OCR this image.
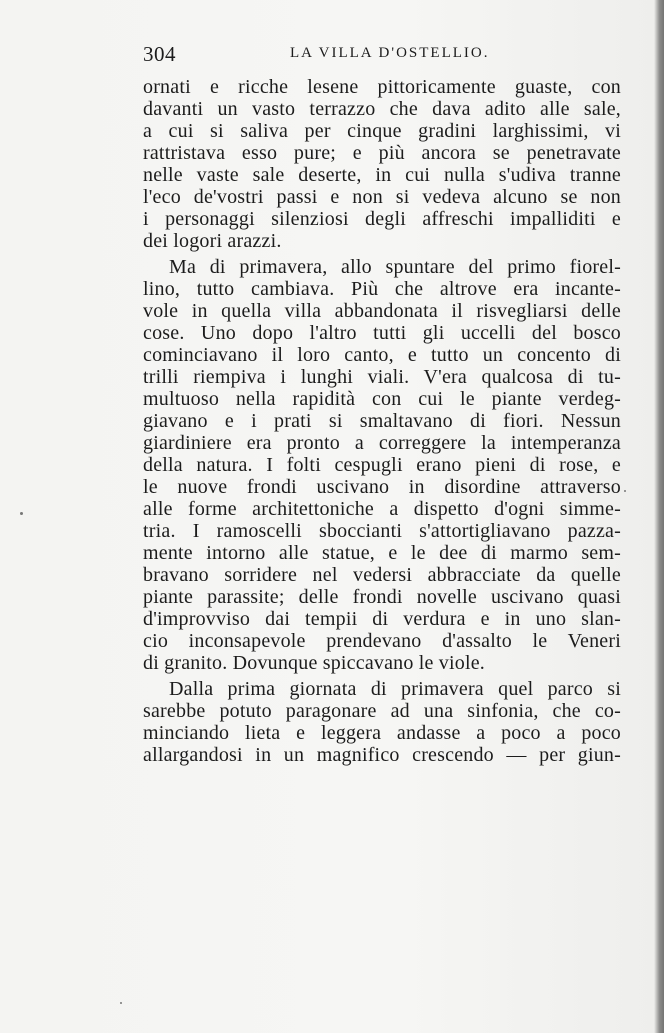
304	LA VILLA D'OSTELLIO.
ornati e ricche lesene pittoricamente guaste, con
davanti un vasto terrazzo che dava adito alle sale,
a cui si saliva per cinque gradini larghissimi, vi
rattristava esso pure; e più ancora se penetravate
nelle vaste sale deserte, in cui nulla s'udiva tranne
l'eco de'vostri passi e non si vedeva alcuno se non
i personaggi silenziosi degli affreschi impalliditi e
dei logori arazzi.
Ma di primavera, allo spuntare del primo fiorel-
lino, tutto cambiava. Più che altrove era incante-
vole in quella villa abbandonata il risvegliarsi delle
cose. Uno dopo l'altro tutti gli uccelli del bosco
cominciavano il loro canto, e tutto un concento di
trilli riempiva i lunghi viali. V'era qualcosa di tu-
multuoso nella rapidità con cui le piante verdeg-
giavano e i prati si smaltavano di fiori. Nessun
giardiniere era pronto a correggere la intemperanza
della natura. I folti cespugli erano pieni di rose, e
le nuove frondi uscivano in disordine attraverso
alle forme architettoniche a dispetto d'ogni simme-
tria. I ramoscelli sboccianti s'attortigliavano pazza-
mente intorno alle statue, e le dee di marmo sem-
bravano sorridere nel vedersi abbracciate da quelle
piante parassite; delle frondi novelle uscivano quasi
d'improvviso dai tempii di verdura e in uno slan-
cio inconsapevole prendevano d'assalto le Veneri
di granito. Dovunque spiccavano le viole.
Dalla prima giornata di primavera quel parco si
sarebbe potuto paragonare ad una sinfonia, che co-
minciando lieta e leggera andasse a poco a poco
allargandosi in un magnifico crescendo — per giun-
